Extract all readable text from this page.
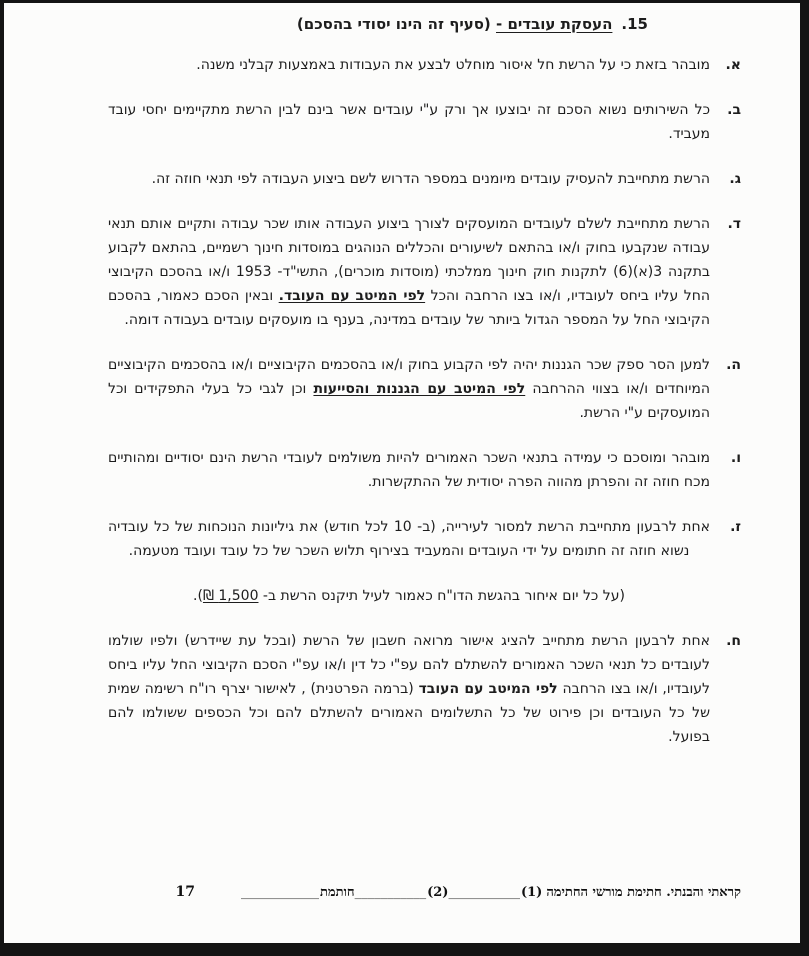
15.העסקת עובדים - (סעיף זה הינו יסודי בהסכם)
א.
מובהר בזאת כי על הרשת חל איסור מוחלט לבצע את העבודות באמצעות קבלני משנה.
ב.
כל השירותים נשוא הסכם זה יבוצעו אך ורק ע"י עובדים אשר בינם לבין הרשת מתקיימים יחסי עובד מעביד.
ג.
הרשת מתחייבת להעסיק עובדים מיומנים במספר הדרוש לשם ביצוע העבודה לפי תנאי חוזה זה.
ד.
הרשת מתחייבת לשלם לעובדים המועסקים לצורך ביצוע העבודה אותו שכר עבודה ותקיים אותם תנאי עבודה שנקבעו בחוק ו/או בהתאם לשיעורים והכללים הנוהגים במוסדות חינוך רשמיים, בהתאם לקבוע בתקנה 3(א)(6) לתקנות חוק חינוך ממלכתי (מוסדות מוכרים), התשי"ד- 1953 ו/או בהסכם הקיבוצי החל עליו ביחס לעובדיו, ו/או בצו הרחבה והכל לפי המיטב עם העובד. ובאין הסכם כאמור, בהסכם הקיבוצי החל על המספר הגדול ביותר של עובדים במדינה, בענף בו מועסקים עובדים בעבודה דומה.
ה.
למען הסר ספק שכר הגננות יהיה לפי הקבוע בחוק ו/או בהסכמים הקיבוציים ו/או בהסכמים הקיבוציים המיוחדים ו/או בצווי ההרחבה לפי המיטב עם הגננות והסייעות וכן לגבי כל בעלי התפקידים וכל המועסקים ע"י הרשת.
ו.
מובהר ומוסכם כי עמידה בתנאי השכר האמורים להיות משולמים לעובדי הרשת הינם יסודיים ומהותיים מכח חוזה זה והפרתן מהווה הפרה יסודית של ההתקשרות.
ז.
אחת לרבעון מתחייבת הרשת למסור לעירייה, (ב- 10 לכל חודש) את גיליונות הנוכחות של כל עובדיה נשוא חוזה זה חתומים על ידי העובדים והמעביד בצירוף תלוש השכר של כל עובד ועובד מטעמה.
(על כל יום איחור בהגשת הדו"ח כאמור לעיל תיקנס הרשת ב- 1,500 ₪).
ח.
אחת לרבעון הרשת מתחייב להציג אישור מרואה חשבון של הרשת (ובכל עת שיידרש) ולפיו שולמו לעובדים כל תנאי השכר האמורים להשתלם להם עפ"י כל דין ו/או עפ"י הסכם הקיבוצי החל עליו ביחס לעובדיו, ו/או בצו הרחבה לפי המיטב עם העובד (ברמה הפרטנית) , לאישור יצרף רו"ח רשימה שמית של כל העובדים וכן פירוט של כל התשלומים האמורים להשתלם להם וכל הכספים ששולמו להם בפועל.
קראתי והבנתי. חתימת מורשי החתימה
(1)
___________
(2)
___________
חותמת
____________
17
